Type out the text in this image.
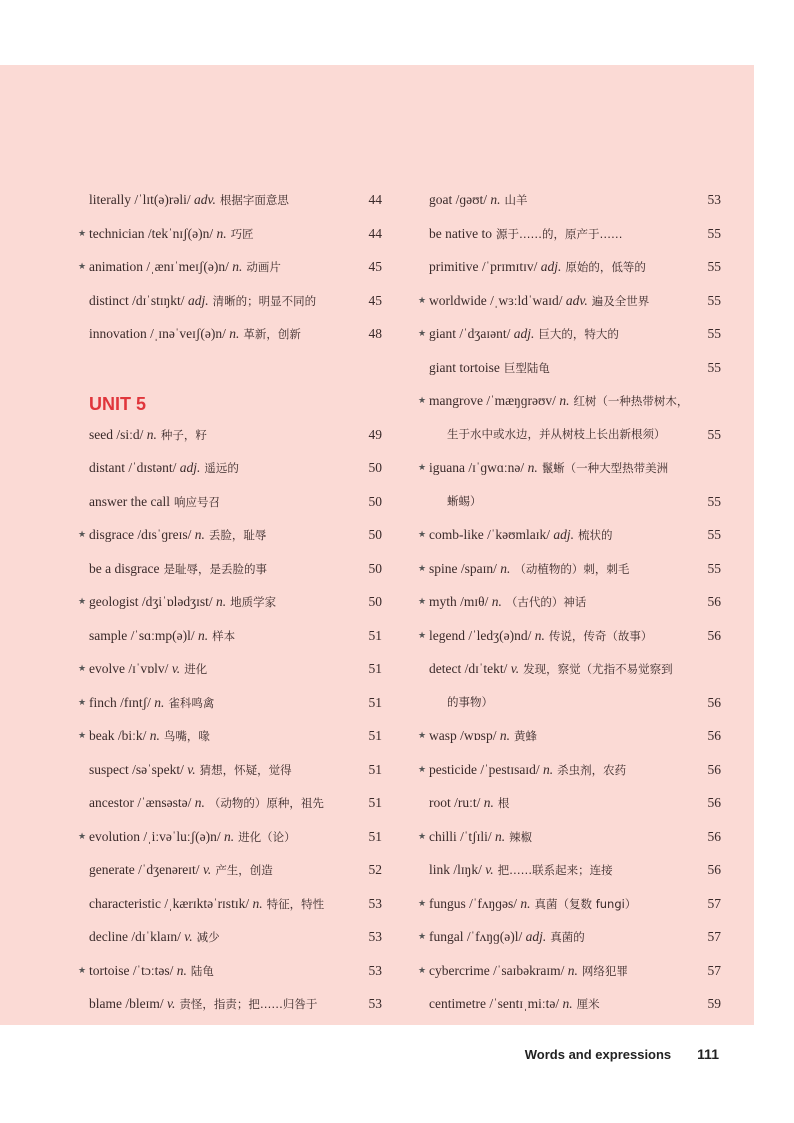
literally /ˈlɪt(ə)rəli/ adv. 根据字面意思	44
★ technician /tekˈnɪʃ(ə)n/ n. 巧匠	44
★ animation /ˌænɪˈmeɪʃ(ə)n/ n. 动画片	45
distinct /dɪˈstɪŋkt/ adj. 清晰的；明显不同的	45
innovation /ˌɪnəˈveɪʃ(ə)n/ n. 革新，创新	48
UNIT 5
seed /siːd/ n. 种子，籽	49
distant /ˈdɪstənt/ adj. 遥远的	50
answer the call 响应号召	50
★ disgrace /dɪsˈɡreɪs/ n. 丢脸，耻辱	50
be a disgrace 是耻辱，是丢脸的事	50
★ geologist /dʒiˈɒlədʒɪst/ n. 地质学家	50
sample /ˈsɑːmp(ə)l/ n. 样本	51
★ evolve /ɪˈvɒlv/ v. 进化	51
★ finch /fɪntʃ/ n. 雀科鸣禽	51
★ beak /biːk/ n. 鸟嘴，喙	51
suspect /səˈspekt/ v. 猜想，怀疑，觉得	51
ancestor /ˈænsəstə/ n. （动物的）原种，祖先	51
★ evolution /ˌiːvəˈluːʃ(ə)n/ n. 进化（论）	51
generate /ˈdʒenəreɪt/ v. 产生，创造	52
characteristic /ˌkærɪktəˈrɪstɪk/ n. 特征，特性	53
decline /dɪˈklaɪn/ v. 减少	53
★ tortoise /ˈtɔːtəs/ n. 陆龟	53
blame /bleɪm/ v. 责怪，指责；把……归咎于	53
goat /ɡəʊt/ n. 山羊	53
be native to 源于……的，原产于……	55
primitive /ˈprɪmɪtɪv/ adj. 原始的，低等的	55
★ worldwide /ˌwɜːldˈwaɪd/ adv. 遍及全世界	55
★ giant /ˈdʒaɪənt/ adj. 巨大的，特大的	55
giant tortoise 巨型陆龟	55
★ mangrove /ˈmæŋɡrəʊv/ n. 红树（一种热带树木，
生于水中或水边，并从树枝上长出新根须）	55
★ iguana /ɪˈɡwɑːnə/ n. 鬣蜥（一种大型热带美洲
蜥蜴）	55
★ comb-like /ˈkəʊmlaɪk/ adj. 梳状的	55
★ spine /spaɪn/ n. （动植物的）刺，刺毛	55
★ myth /mɪθ/ n. （古代的）神话	56
★ legend /ˈledʒ(ə)nd/ n. 传说，传奇（故事）	56
detect /dɪˈtekt/ v. 发现，察觉（尤指不易觉察到
的事物）	56
★ wasp /wɒsp/ n. 黄蜂	56
★ pesticide /ˈpestɪsaɪd/ n. 杀虫剂，农药	56
root /ruːt/ n. 根	56
★ chilli /ˈtʃɪli/ n. 辣椒	56
link /lɪŋk/ v. 把……联系起来；连接	56
★ fungus /ˈfʌŋɡəs/ n. 真菌（复数 fungi）	57
★ fungal /ˈfʌŋɡ(ə)l/ adj. 真菌的	57
★ cybercrime /ˈsaɪbəkraɪm/ n. 网络犯罪	57
centimetre /ˈsentɪˌmiːtə/ n. 厘米	59
Words and expressions 111
